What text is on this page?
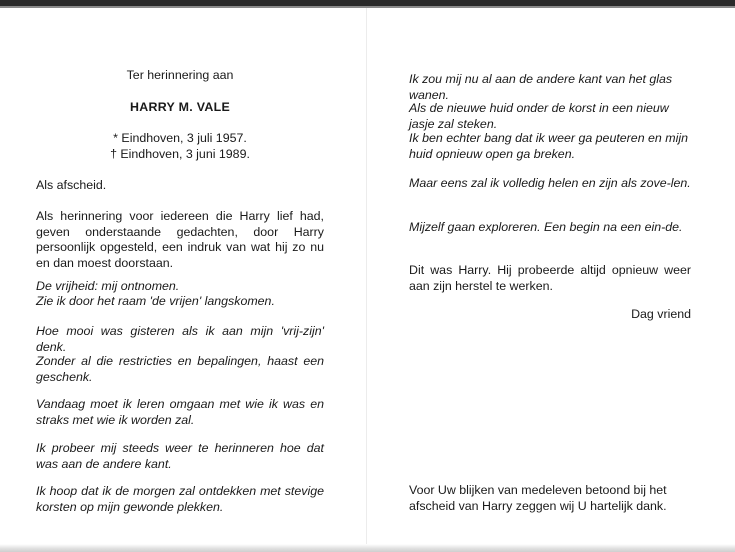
Ter herinnering aan
HARRY M. VALE
* Eindhoven, 3 juli 1957.
† Eindhoven, 3 juni 1989.
Als afscheid.
Als herinnering voor iedereen die Harry lief had, geven onderstaande gedachten, door Harry persoonlijk opgesteld, een indruk van wat hij zo nu en dan moest doorstaan.
De vrijheid: mij ontnomen.
Zie ik door het raam 'de vrijen' langskomen.
Hoe mooi was gisteren als ik aan mijn 'vrij-zijn' denk.
Zonder al die restricties en bepalingen, haast een geschenk.
Vandaag moet ik leren omgaan met wie ik was en straks met wie ik worden zal.
Ik probeer mij steeds weer te herinneren hoe dat was aan de andere kant.
Ik hoop dat ik de morgen zal ontdekken met stevige korsten op mijn gewonde plekken.
Ik zou mij nu al aan de andere kant van het glas wanen.
Als de nieuwe huid onder de korst in een nieuw jasje zal steken.
Ik ben echter bang dat ik weer ga peuteren en mijn huid opnieuw open ga breken.
Maar eens zal ik volledig helen en zijn als zove-len.
Mijzelf gaan exploreren. Een begin na een ein-de.
Dit was Harry. Hij probeerde altijd opnieuw weer aan zijn herstel te werken.
Dag vriend
Voor Uw blijken van medeleven betoond bij het afscheid van Harry zeggen wij U hartelijk dank.
